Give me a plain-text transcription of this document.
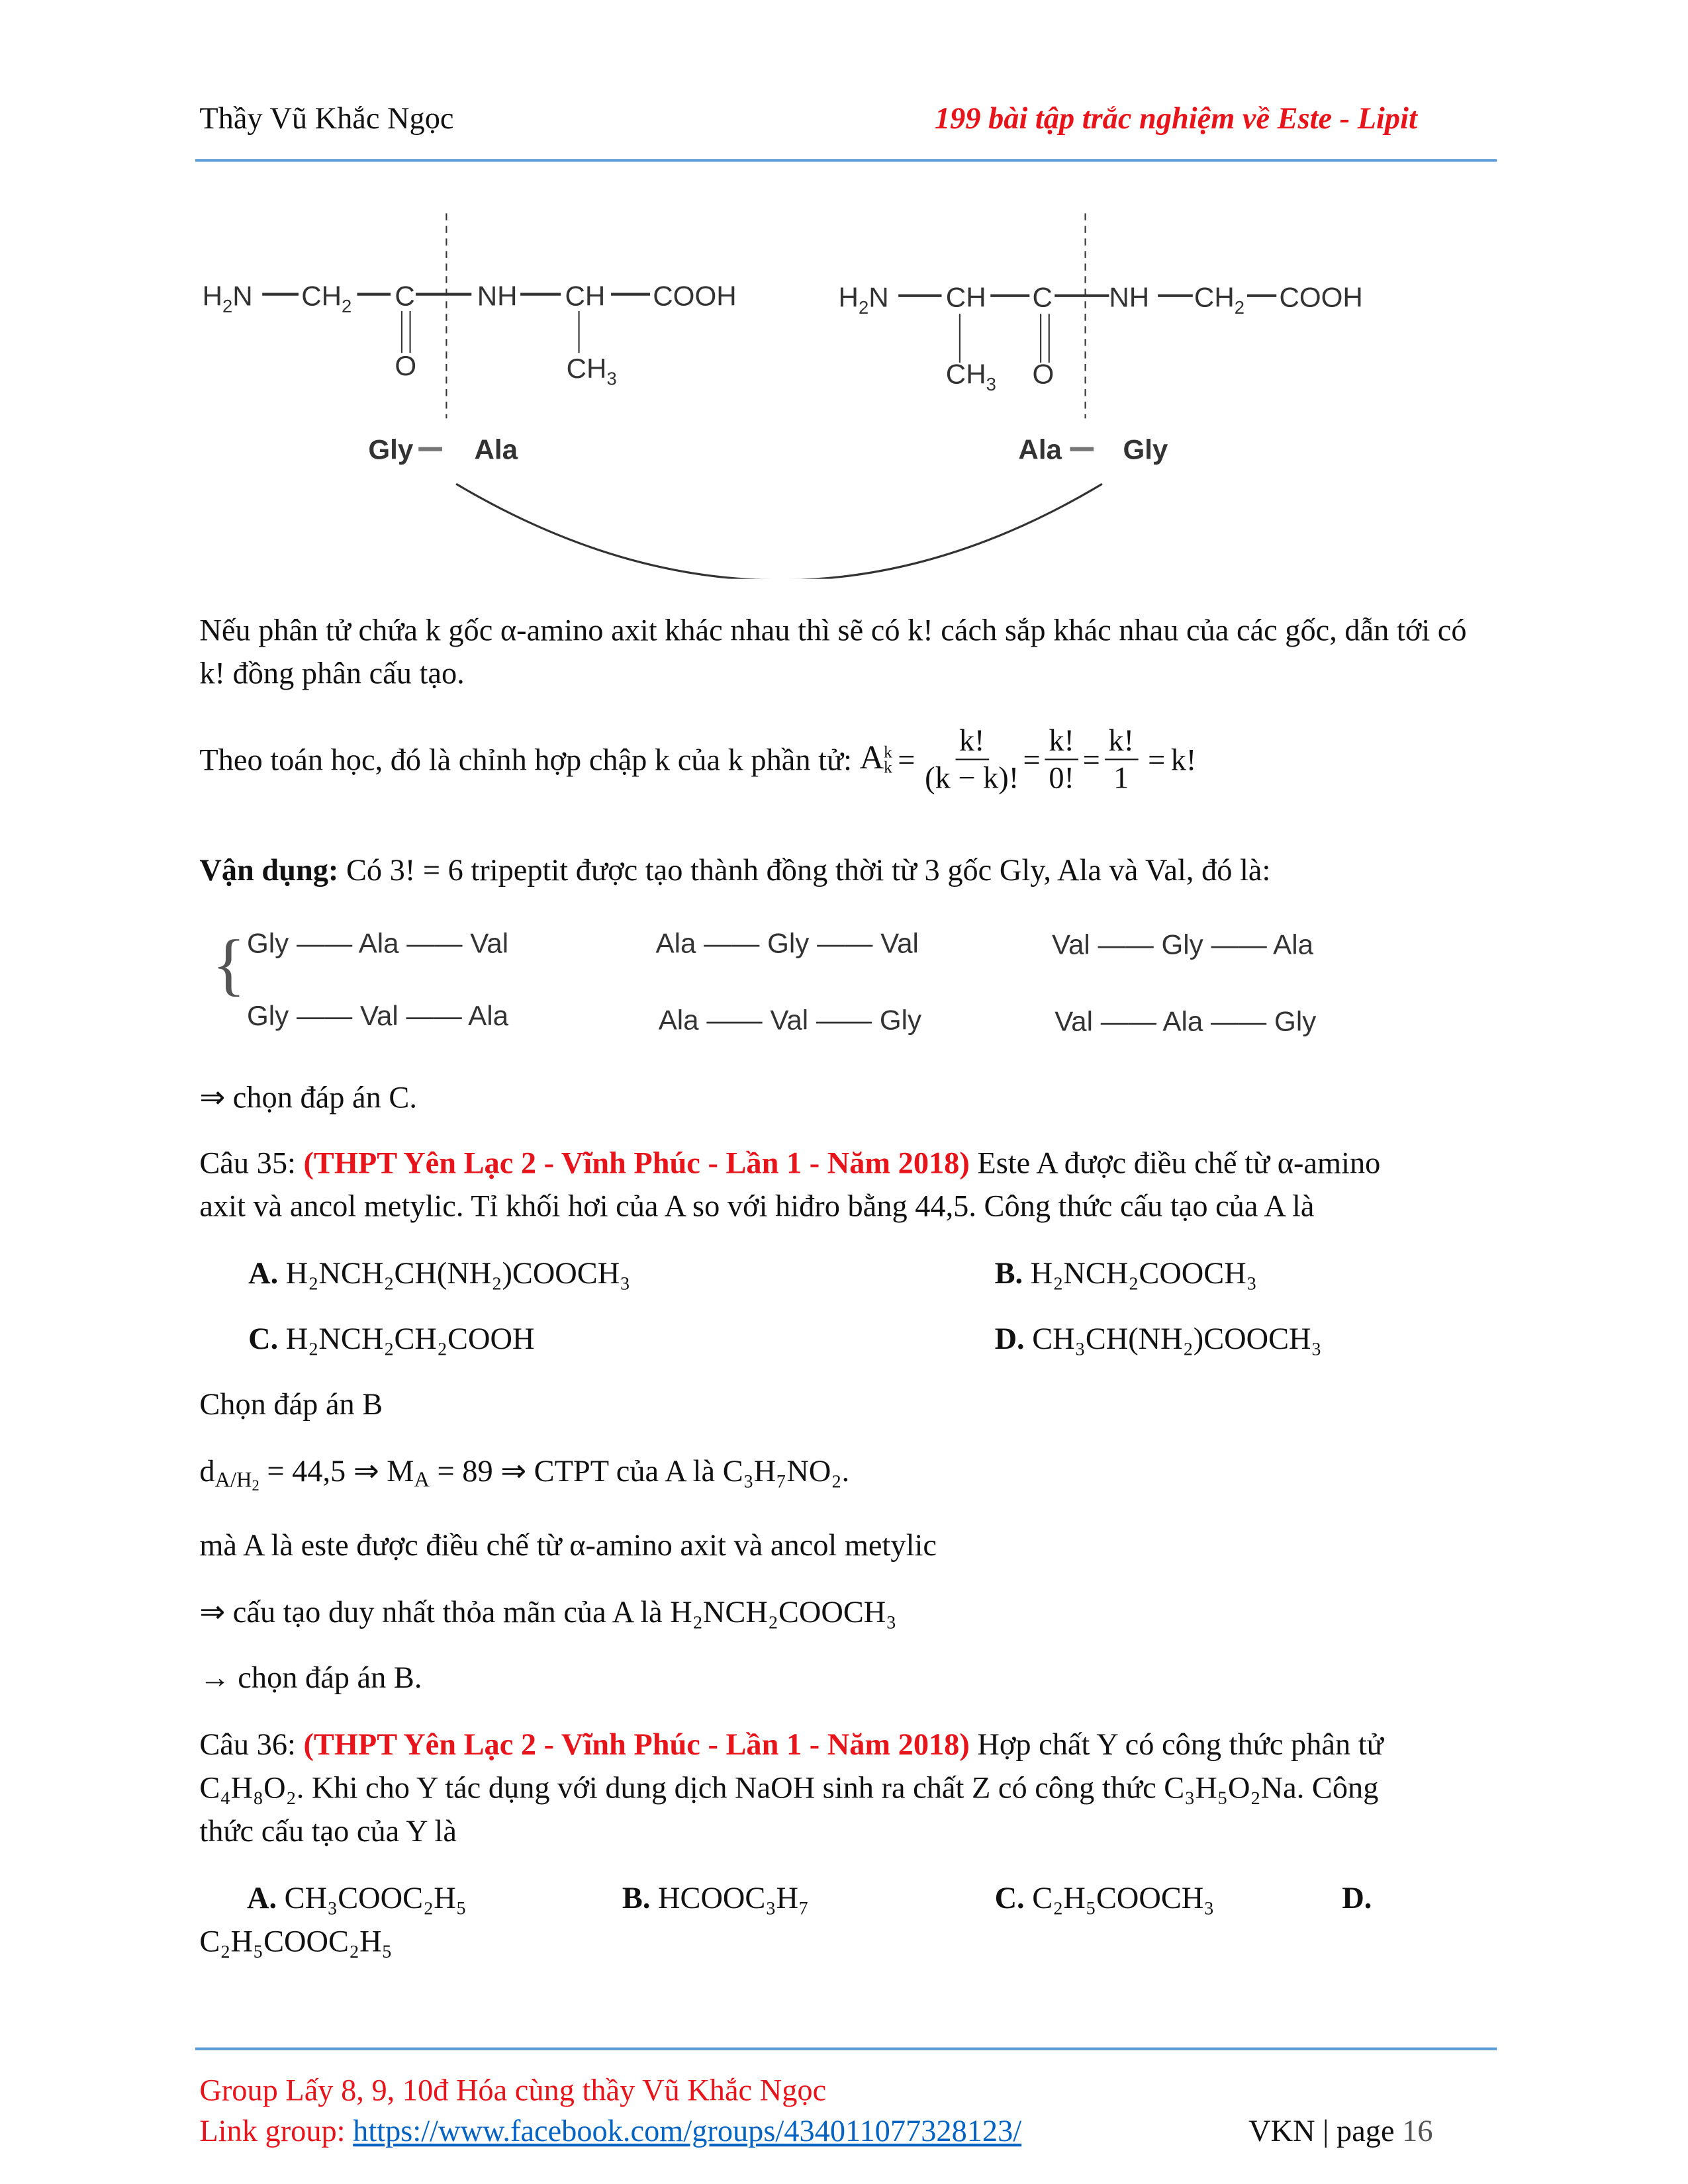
Thầy Vũ Khắc Ngọc	199 bài tập trắc nghiệm về Este - Lipit
$H_2N$	$CH_2$	C
O
NH	CH	COOH
$CH_3$
Gly	Ala
$H_2N$	CH	C
O
NH	$CH_2$	COOH
$CH_3$
Ala	Gly
Nếu phân tử chứa k gốc α-amino axit khác nhau thì sẽ có k! cách sắp khác nhau của các gốc, dẫn tới có k! đồng phân cấu tạo.
Theo toán học, đó là chỉnh hợp chập k của k phần tử:
A k
$k = \frac{k!}{(k - k)!} = \frac{k!}{0!} = \frac{k!}{1} = k$!
Vận dụng: Có 3! = 6 tripeptit được tạo thành đồng thời từ 3 gốc Gly, Ala và Val, đó là:
{ Gly —— Ala —— Val
Gly —— Val —— Ala
Ala —— Gly —— Val
Ala —— Val —— Gly
Val —— Gly —— Ala
Val —— Ala —— Gly
⇒ chọn đáp án C.
Câu 35: (THPT Yên Lạc 2 - Vĩnh Phúc - Lần 1 - Năm 2018) Este A được điều chế từ α-amino
axit và ancol metylic. Tỉ khối hơi của A so với hiđro bằng 44,5. Công thức cấu tạo của A là
A. H₂NCH₂CH(NH₂)COOCH₃	B. H₂NCH₂COOCH₃
C. H₂NCH₂CH₂COOH	D. CH₃CH(NH₂)COOCH₃
Chọn đáp án B
$d_{A/H_2} = 44,5$ ⇒ $M_A = 89$ ⇒ CTPT của A là C₃H₇NO₂.
mà A là este được điều chế từ α-amino axit và ancol metylic
⇒ cấu tạo duy nhất thỏa mãn của A là H₂NCH₂COOCH₃
→ chọn đáp án B.
Câu 36: (THPT Yên Lạc 2 - Vĩnh Phúc - Lần 1 - Năm 2018) Hợp chất Y có công thức phân tử
C₄H₈O₂. Khi cho Y tác dụng với dung dịch NaOH sinh ra chất Z có công thức C₃H₅O₂Na. Công
thức cấu tạo của Y là
A. CH₃COOC₂H₅	B. HCOOC₃H₇	C. C₂H₅COOCH₃	D.
C₂H₅COOC₂H₅
Group Lấy 8, 9, 10đ Hóa cùng thầy Vũ Khắc Ngọc
Link group: https://www.facebook.com/groups/434011077328123/	VKN | page 16
